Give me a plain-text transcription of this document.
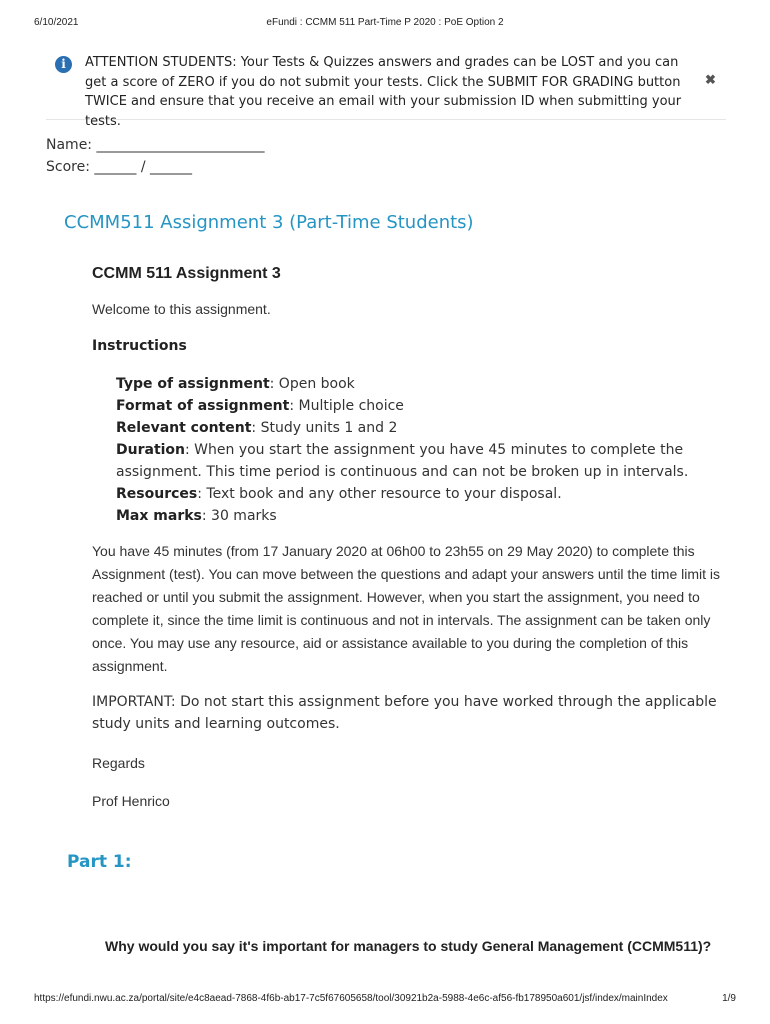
6/10/2021	eFundi : CCMM 511 Part-Time P 2020 : PoE Option 2
i	ATTENTION STUDENTS: Your Tests & Quizzes answers and grades can be LOST and you can get a score of ZERO if you do not submit your tests. Click the SUBMIT FOR GRADING button TWICE and ensure that you receive an email with your submission ID when submitting your tests.
✖
Name: ________________________
Score: ______ / ______
CCMM511 Assignment 3 (Part-Time Students)
CCMM 511 Assignment 3
Welcome to this assignment.
Instructions
Type of assignment: Open book
Format of assignment: Multiple choice
Relevant content: Study units 1 and 2
Duration: When you start the assignment you have 45 minutes to complete the assignment. This time period is continuous and can not be broken up in intervals.
Resources: Text book and any other resource to your disposal.
Max marks: 30 marks
You have 45 minutes (from 17 January 2020 at 06h00 to 23h55 on 29 May 2020) to complete this Assignment (test). You can move between the questions and adapt your answers until the time limit is reached or until you submit the assignment. However, when you start the assignment, you need to complete it, since the time limit is continuous and not in intervals. The assignment can be taken only once. You may use any resource, aid or assistance available to you during the completion of this assignment.
IMPORTANT: Do not start this assignment before you have worked through the applicable study units and learning outcomes.
Regards
Prof Henrico
Part 1:
Why would you say it's important for managers to study General Management (CCMM511)?
https://efundi.nwu.ac.za/portal/site/e4c8aead-7868-4f6b-ab17-7c5f67605658/tool/30921b2a-5988-4e6c-af56-fb178950a601/jsf/index/mainIndex	1/9
